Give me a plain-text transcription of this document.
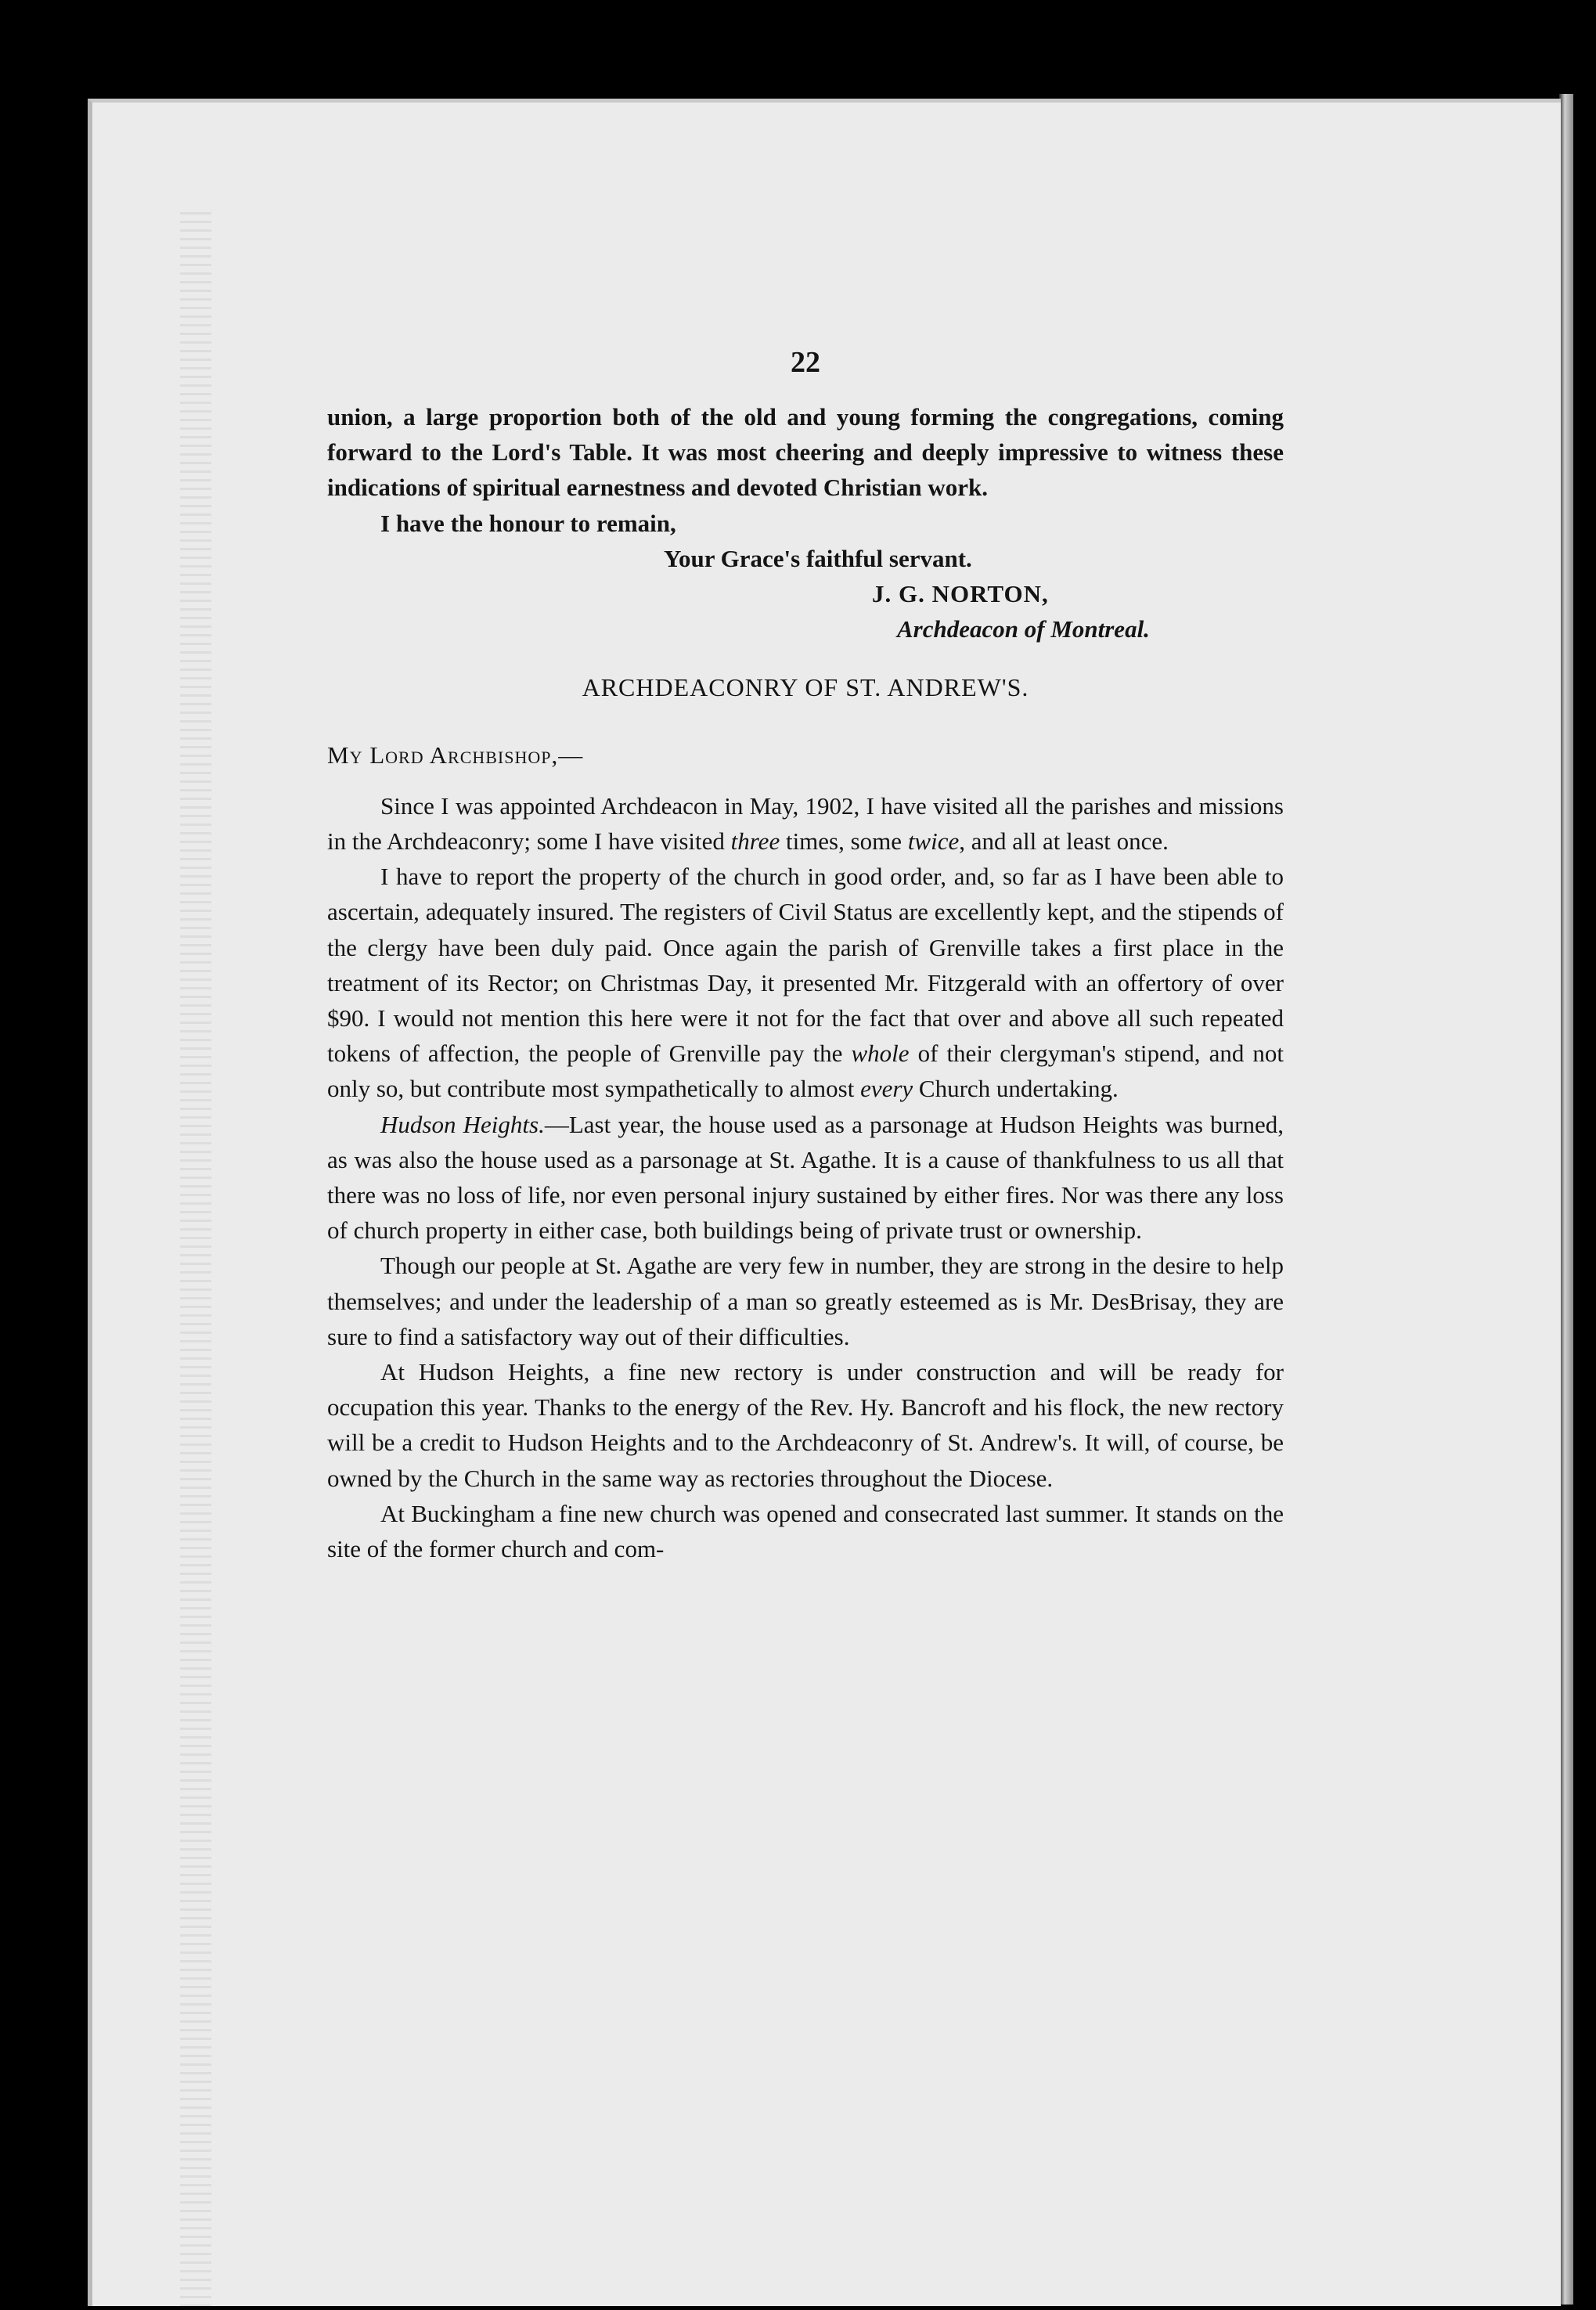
22

union, a large proportion both of the old and young forming the congregations, coming forward to the Lord's Table. It was most cheering and deeply impressive to witness these indications of spiritual earnestness and devoted Christian work.

I have the honour to remain,

Your Grace's faithful servant.

J. G. NORTON,

Archdeacon of Montreal.

ARCHDEACONRY OF ST. ANDREW'S.

My Lord Archbishop,—

Since I was appointed Archdeacon in May, 1902, I have visited all the parishes and missions in the Archdeaconry; some I have visited three times, some twice, and all at least once.

I have to report the property of the church in good order, and, so far as I have been able to ascertain, adequately insured. The registers of Civil Status are excellently kept, and the stipends of the clergy have been duly paid. Once again the parish of Grenville takes a first place in the treatment of its Rector; on Christmas Day, it presented Mr. Fitzgerald with an offertory of over $90. I would not mention this here were it not for the fact that over and above all such repeated tokens of affection, the people of Grenville pay the whole of their clergyman's stipend, and not only so, but contribute most sympathetically to almost every Church undertaking.

Hudson Heights.—Last year, the house used as a parsonage at Hudson Heights was burned, as was also the house used as a parsonage at St. Agathe. It is a cause of thankfulness to us all that there was no loss of life, nor even personal injury sustained by either fires. Nor was there any loss of church property in either case, both buildings being of private trust or ownership.

Though our people at St. Agathe are very few in number, they are strong in the desire to help themselves; and under the leadership of a man so greatly esteemed as is Mr. DesBrisay, they are sure to find a satisfactory way out of their difficulties.

At Hudson Heights, a fine new rectory is under construction and will be ready for occupation this year. Thanks to the energy of the Rev. Hy. Bancroft and his flock, the new rectory will be a credit to Hudson Heights and to the Archdeaconry of St. Andrew's. It will, of course, be owned by the Church in the same way as rectories throughout the Diocese.

At Buckingham a fine new church was opened and consecrated last summer. It stands on the site of the former church and com-
